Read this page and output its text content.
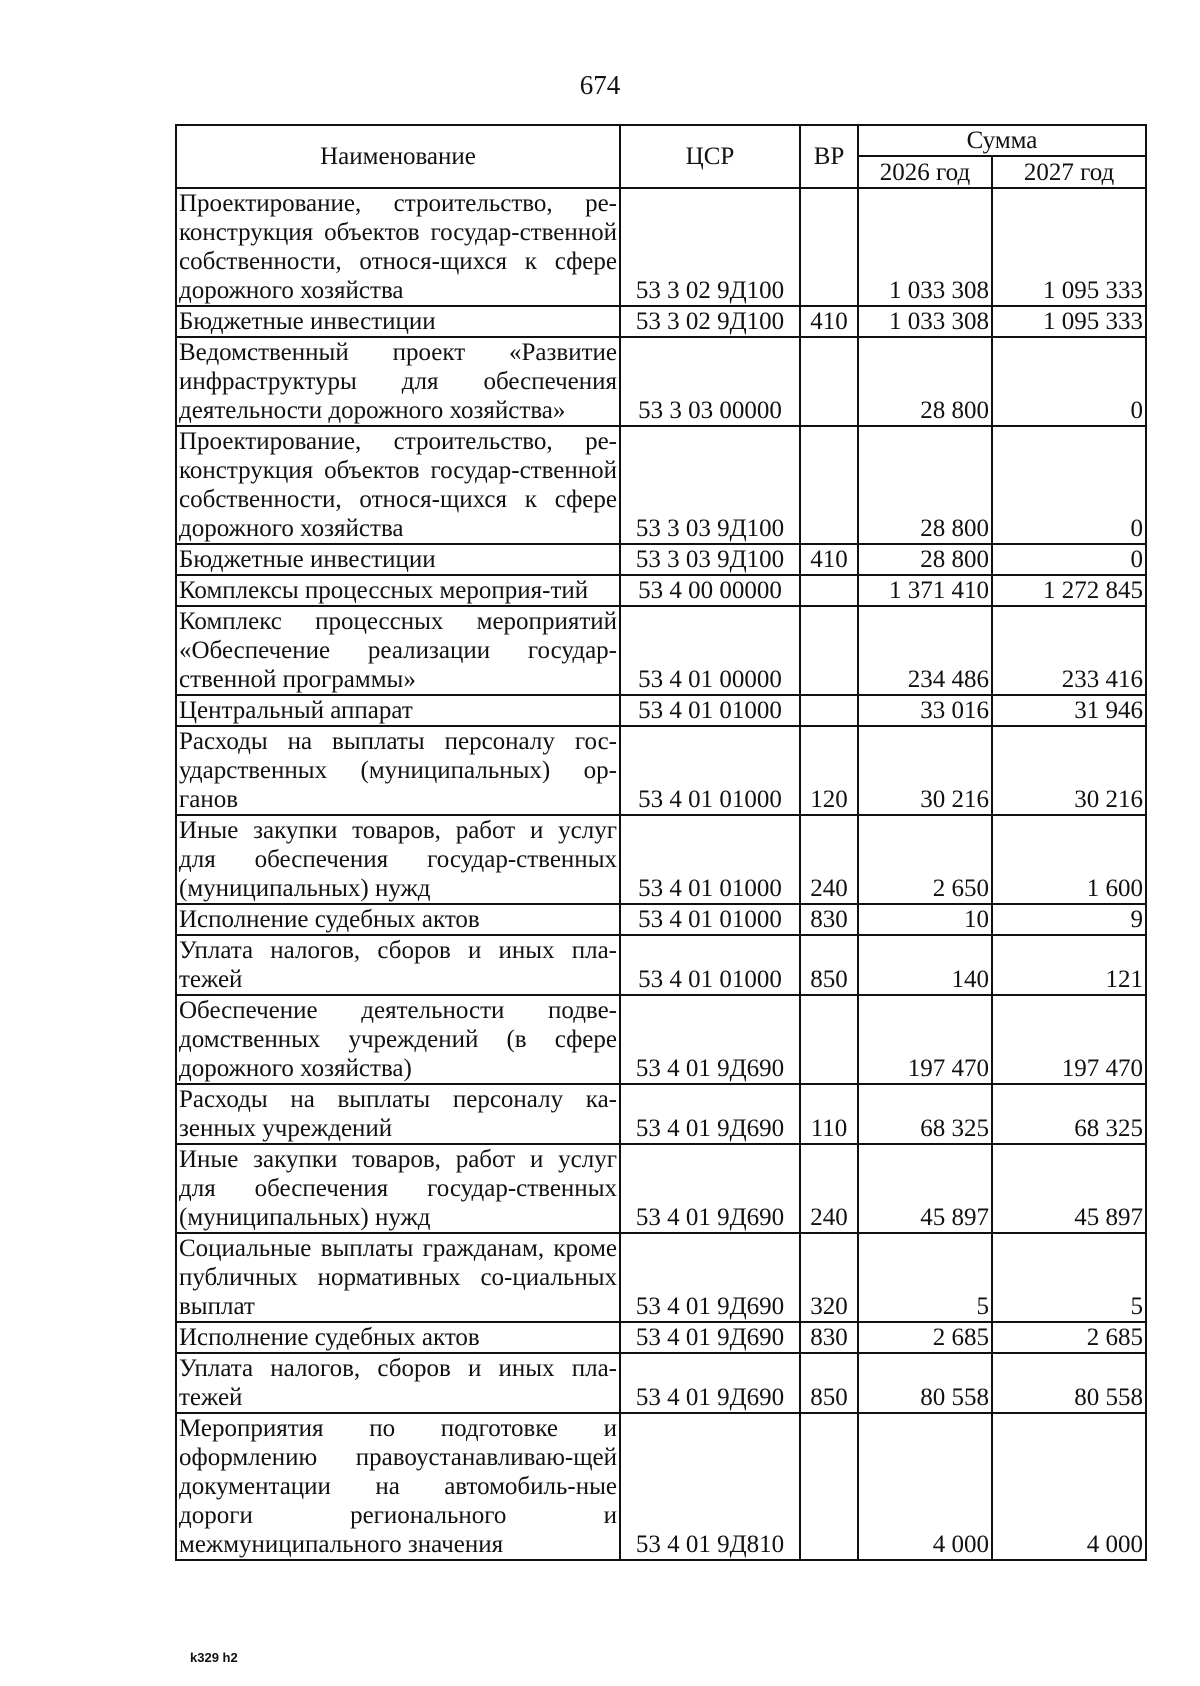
674
Наименование	ЦСР	ВР	Сумма	
			2026 год	2027 год
Проектирование, строительство, ре-конструкция объектов государ-ственной собственности, относя-щихся к сфере дорожного хозяйства	53 3 02 9Д100		1 033 308	1 095 333
Бюджетные инвестиции	53 3 02 9Д100	410	1 033 308	1 095 333
Ведомственный проект «Развитие инфраструктуры для обеспечения деятельности дорожного хозяйства»	53 3 03 00000		28 800	0
Проектирование, строительство, ре-конструкция объектов государ-ственной собственности, относя-щихся к сфере дорожного хозяйства	53 3 03 9Д100		28 800	0
Бюджетные инвестиции	53 3 03 9Д100	410	28 800	0
Комплексы процессных мероприя-тий	53 4 00 00000		1 371 410	1 272 845
Комплекс процессных мероприятий «Обеспечение реализации государ-ственной программы»	53 4 01 00000		234 486	233 416
Центральный аппарат	53 4 01 01000		33 016	31 946
Расходы на выплаты персоналу гос-ударственных (муниципальных) ор-ганов	53 4 01 01000	120	30 216	30 216
Иные закупки товаров, работ и услуг для обеспечения государ-ственных (муниципальных) нужд	53 4 01 01000	240	2 650	1 600
Исполнение судебных актов	53 4 01 01000	830	10	9
Уплата налогов, сборов и иных пла-тежей	53 4 01 01000	850	140	121
Обеспечение деятельности подве-домственных учреждений (в сфере дорожного хозяйства)	53 4 01 9Д690		197 470	197 470
Расходы на выплаты персоналу ка-зенных учреждений	53 4 01 9Д690	110	68 325	68 325
Иные закупки товаров, работ и услуг для обеспечения государ-ственных (муниципальных) нужд	53 4 01 9Д690	240	45 897	45 897
Социальные выплаты гражданам, кроме публичных нормативных со-циальных выплат	53 4 01 9Д690	320	5	5
Исполнение судебных актов	53 4 01 9Д690	830	2 685	2 685
Уплата налогов, сборов и иных пла-тежей	53 4 01 9Д690	850	80 558	80 558
Мероприятия по подготовке и оформлению правоустанавливаю-щей документации на автомобиль-ные дороги регионального и межмуниципального значения	53 4 01 9Д810		4 000	4 000
k329 h2
